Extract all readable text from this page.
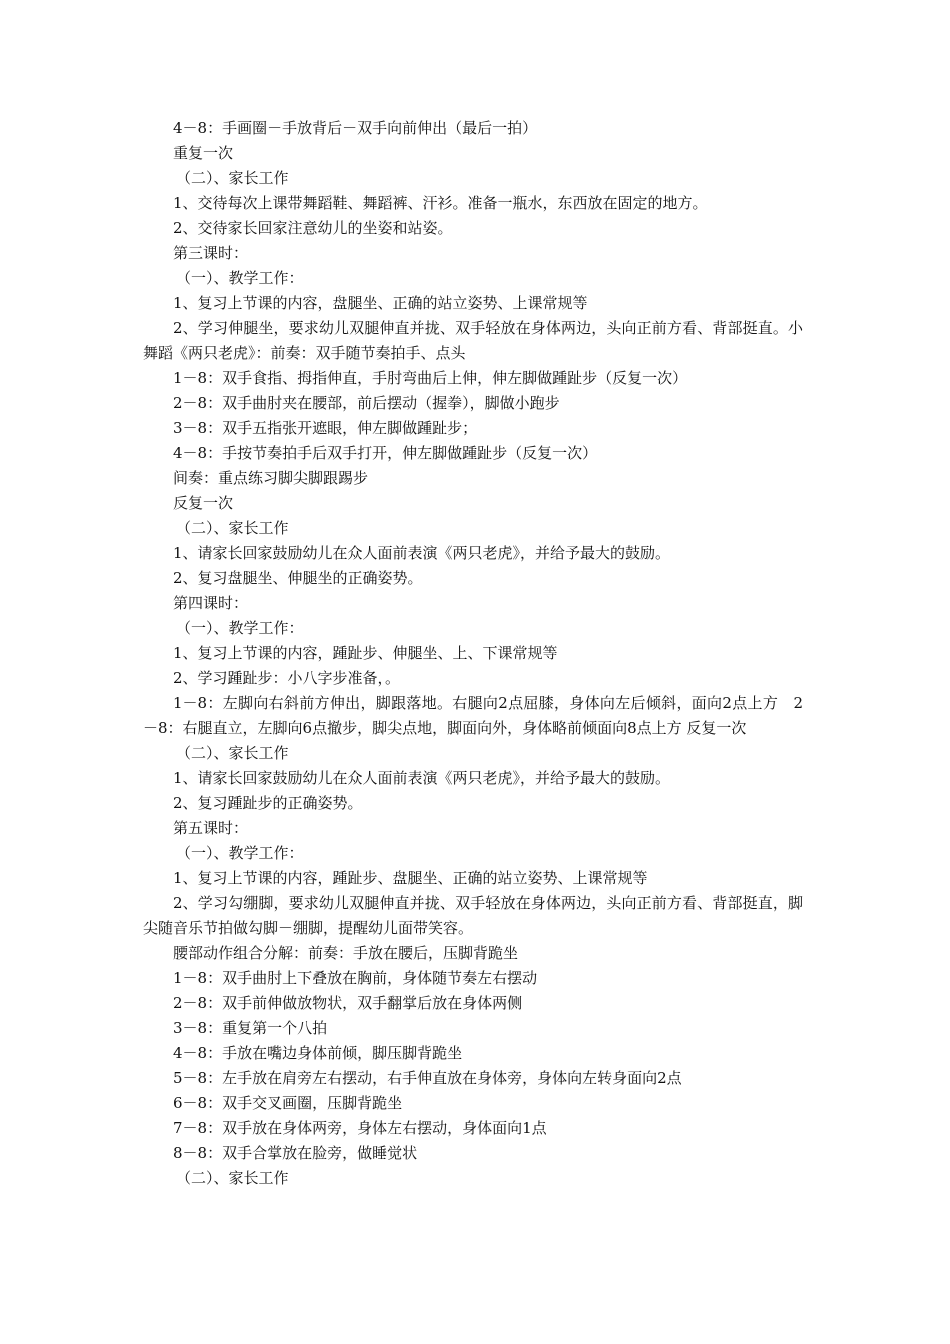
4－8：手画圈－手放背后－双手向前伸出（最后一拍）

重复一次

（二）、家长工作

1、交待每次上课带舞蹈鞋、舞蹈裤、汗衫。准备一瓶水，东西放在固定的地方。

2、交待家长回家注意幼儿的坐姿和站姿。

第三课时：

（一）、教学工作：

1、复习上节课的内容，盘腿坐、正确的站立姿势、上课常规等

2、学习伸腿坐，要求幼儿双腿伸直并拢、双手轻放在身体两边，头向正前方看、背部挺直。小舞蹈《两只老虎》：前奏：双手随节奏拍手、点头

1－8：双手食指、拇指伸直，手肘弯曲后上伸，伸左脚做踵趾步（反复一次）

2－8：双手曲肘夹在腰部，前后摆动（握拳），脚做小跑步

3－8：双手五指张开遮眼，伸左脚做踵趾步；

4－8：手按节奏拍手后双手打开，伸左脚做踵趾步（反复一次）

间奏：重点练习脚尖脚跟踢步

反复一次

（二）、家长工作

1、请家长回家鼓励幼儿在众人面前表演《两只老虎》，并给予最大的鼓励。

2、复习盘腿坐、伸腿坐的正确姿势。

第四课时：

（一）、教学工作：

1、复习上节课的内容，踵趾步、伸腿坐、上、下课常规等

2、学习踵趾步：小八字步准备，。

1－8：左脚向右斜前方伸出，脚跟落地。右腿向2点屈膝，身体向左后倾斜，面向2点上方　2－8：右腿直立，左脚向6点撤步，脚尖点地，脚面向外，身体略前倾面向8点上方 反复一次

（二）、家长工作

1、请家长回家鼓励幼儿在众人面前表演《两只老虎》，并给予最大的鼓励。

2、复习踵趾步的正确姿势。

第五课时：

（一）、教学工作：

1、复习上节课的内容，踵趾步、盘腿坐、正确的站立姿势、上课常规等

2、学习勾绷脚，要求幼儿双腿伸直并拢、双手轻放在身体两边，头向正前方看、背部挺直，脚尖随音乐节拍做勾脚－绷脚，提醒幼儿面带笑容。

腰部动作组合分解：前奏：手放在腰后，压脚背跪坐

1－8：双手曲肘上下叠放在胸前，身体随节奏左右摆动

2－8：双手前伸做放物状，双手翻掌后放在身体两侧

3－8：重复第一个八拍

4－8：手放在嘴边身体前倾，脚压脚背跪坐

5－8：左手放在肩旁左右摆动，右手伸直放在身体旁，身体向左转身面向2点

6－8：双手交叉画圈，压脚背跪坐

7－8：双手放在身体两旁，身体左右摆动，身体面向1点

8－8：双手合掌放在脸旁，做睡觉状

（二）、家长工作
